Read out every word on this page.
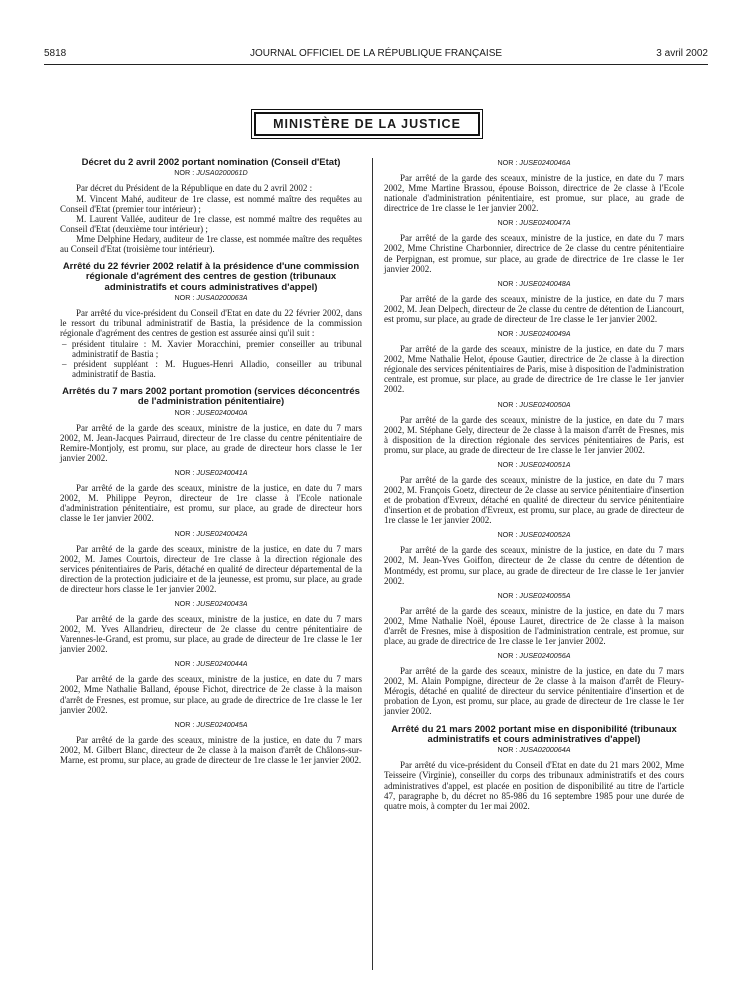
5818	JOURNAL OFFICIEL DE LA RÉPUBLIQUE FRANÇAISE	3 avril 2002
MINISTÈRE DE LA JUSTICE
Décret du 2 avril 2002 portant nomination (Conseil d'Etat)
NOR : JUSA0200061D

Par décret du Président de la République en date du 2 avril 2002 :

M. Vincent Mahé, auditeur de 1re classe, est nommé maître des requêtes au Conseil d'Etat (premier tour intérieur) ;

M. Laurent Vallée, auditeur de 1re classe, est nommé maître des requêtes au Conseil d'Etat (deuxième tour intérieur) ;

Mme Delphine Hedary, auditeur de 1re classe, est nommée maître des requêtes au Conseil d'Etat (troisième tour intérieur).

Arrêté du 22 février 2002 relatif à la présidence d'une commission régionale d'agrément des centres de gestion (tribunaux administratifs et cours administratives d'appel)
NOR : JUSA0200063A

Par arrêté du vice-président du Conseil d'Etat en date du 22 février 2002, dans le ressort du tribunal administratif de Bastia, la présidence de la commission régionale d'agrément des centres de gestion est assurée ainsi qu'il suit :

– président titulaire : M. Xavier Moracchini, premier conseiller au tribunal administratif de Bastia ;
– président suppléant : M. Hugues-Henri Alladio, conseiller au tribunal administratif de Bastia.
Arrêtés du 7 mars 2002 portant promotion (services déconcentrés de l'administration pénitentiaire)
NOR : JUSE0240040A

Par arrêté de la garde des sceaux, ministre de la justice, en date du 7 mars 2002, M. Jean-Jacques Pairraud, directeur de 1re classe du centre pénitentiaire de Remire-Montjoly, est promu, sur place, au grade de directeur hors classe le 1er janvier 2002.

NOR : JUSE0240041A

Par arrêté de la garde des sceaux, ministre de la justice, en date du 7 mars 2002, M. Philippe Peyron, directeur de 1re classe à l'Ecole nationale d'administration pénitentiaire, est promu, sur place, au grade de directeur hors classe le 1er janvier 2002.

NOR : JUSE0240042A

Par arrêté de la garde des sceaux, ministre de la justice, en date du 7 mars 2002, M. James Courtois, directeur de 1re classe à la direction régionale des services pénitentiaires de Paris, détaché en qualité de directeur départemental de la direction de la protection judiciaire et de la jeunesse, est promu, sur place, au grade de directeur hors classe le 1er janvier 2002.

NOR : JUSE0240043A

Par arrêté de la garde des sceaux, ministre de la justice, en date du 7 mars 2002, M. Yves Allandrieu, directeur de 2e classe du centre pénitentiaire de Varennes-le-Grand, est promu, sur place, au grade de directeur de 1re classe le 1er janvier 2002.

NOR : JUSE0240044A

Par arrêté de la garde des sceaux, ministre de la justice, en date du 7 mars 2002, Mme Nathalie Balland, épouse Fichot, directrice de 2e classe à la maison d'arrêt de Fresnes, est promue, sur place, au grade de directrice de 1re classe le 1er janvier 2002.

NOR : JUSE0240045A

Par arrêté de la garde des sceaux, ministre de la justice, en date du 7 mars 2002, M. Gilbert Blanc, directeur de 2e classe à la maison d'arrêt de Châlons-sur-Marne, est promu, sur place, au grade de directeur de 1re classe le 1er janvier 2002.

NOR : JUSE0240046A

Par arrêté de la garde des sceaux, ministre de la justice, en date du 7 mars 2002, Mme Martine Brassou, épouse Boisson, directrice de 2e classe à l'Ecole nationale d'administration pénitentiaire, est promue, sur place, au grade de directrice de 1re classe le 1er janvier 2002.

NOR : JUSE0240047A

Par arrêté de la garde des sceaux, ministre de la justice, en date du 7 mars 2002, Mme Christine Charbonnier, directrice de 2e classe du centre pénitentiaire de Perpignan, est promue, sur place, au grade de directrice de 1re classe le 1er janvier 2002.

NOR : JUSE0240048A

Par arrêté de la garde des sceaux, ministre de la justice, en date du 7 mars 2002, M. Jean Delpech, directeur de 2e classe du centre de détention de Liancourt, est promu, sur place, au grade de directeur de 1re classe le 1er janvier 2002.

NOR : JUSE0240049A

Par arrêté de la garde des sceaux, ministre de la justice, en date du 7 mars 2002, Mme Nathalie Helot, épouse Gautier, directrice de 2e classe à la direction régionale des services pénitentiaires de Paris, mise à disposition de l'administration centrale, est promue, sur place, au grade de directrice de 1re classe le 1er janvier 2002.

NOR : JUSE0240050A

Par arrêté de la garde des sceaux, ministre de la justice, en date du 7 mars 2002, M. Stéphane Gely, directeur de 2e classe à la maison d'arrêt de Fresnes, mis à disposition de la direction régionale des services pénitentiaires de Paris, est promu, sur place, au grade de directeur de 1re classe le 1er janvier 2002.

NOR : JUSE0240051A

Par arrêté de la garde des sceaux, ministre de la justice, en date du 7 mars 2002, M. François Goetz, directeur de 2e classe au service pénitentiaire d'insertion et de probation d'Evreux, détaché en qualité de directeur du service pénitentiaire d'insertion et de probation d'Evreux, est promu, sur place, au grade de directeur de 1re classe le 1er janvier 2002.

NOR : JUSE0240052A

Par arrêté de la garde des sceaux, ministre de la justice, en date du 7 mars 2002, M. Jean-Yves Goiffon, directeur de 2e classe du centre de détention de Montmédy, est promu, sur place, au grade de directeur de 1re classe le 1er janvier 2002.

NOR : JUSE0240055A

Par arrêté de la garde des sceaux, ministre de la justice, en date du 7 mars 2002, Mme Nathalie Noël, épouse Lauret, directrice de 2e classe à la maison d'arrêt de Fresnes, mise à disposition de l'administration centrale, est promue, sur place, au grade de directrice de 1re classe le 1er janvier 2002.

NOR : JUSE0240056A

Par arrêté de la garde des sceaux, ministre de la justice, en date du 7 mars 2002, M. Alain Pompigne, directeur de 2e classe à la maison d'arrêt de Fleury-Mérogis, détaché en qualité de directeur du service pénitentiaire d'insertion et de probation de Lyon, est promu, sur place, au grade de directeur de 1re classe le 1er janvier 2002.

Arrêté du 21 mars 2002 portant mise en disponibilité (tribunaux administratifs et cours administratives d'appel)
NOR : JUSA0200064A

Par arrêté du vice-président du Conseil d'Etat en date du 21 mars 2002, Mme Teisseire (Virginie), conseiller du corps des tribunaux administratifs et des cours administratives d'appel, est placée en position de disponibilité au titre de l'article 47, paragraphe b, du décret no 85-986 du 16 septembre 1985 pour une durée de quatre mois, à compter du 1er mai 2002.
